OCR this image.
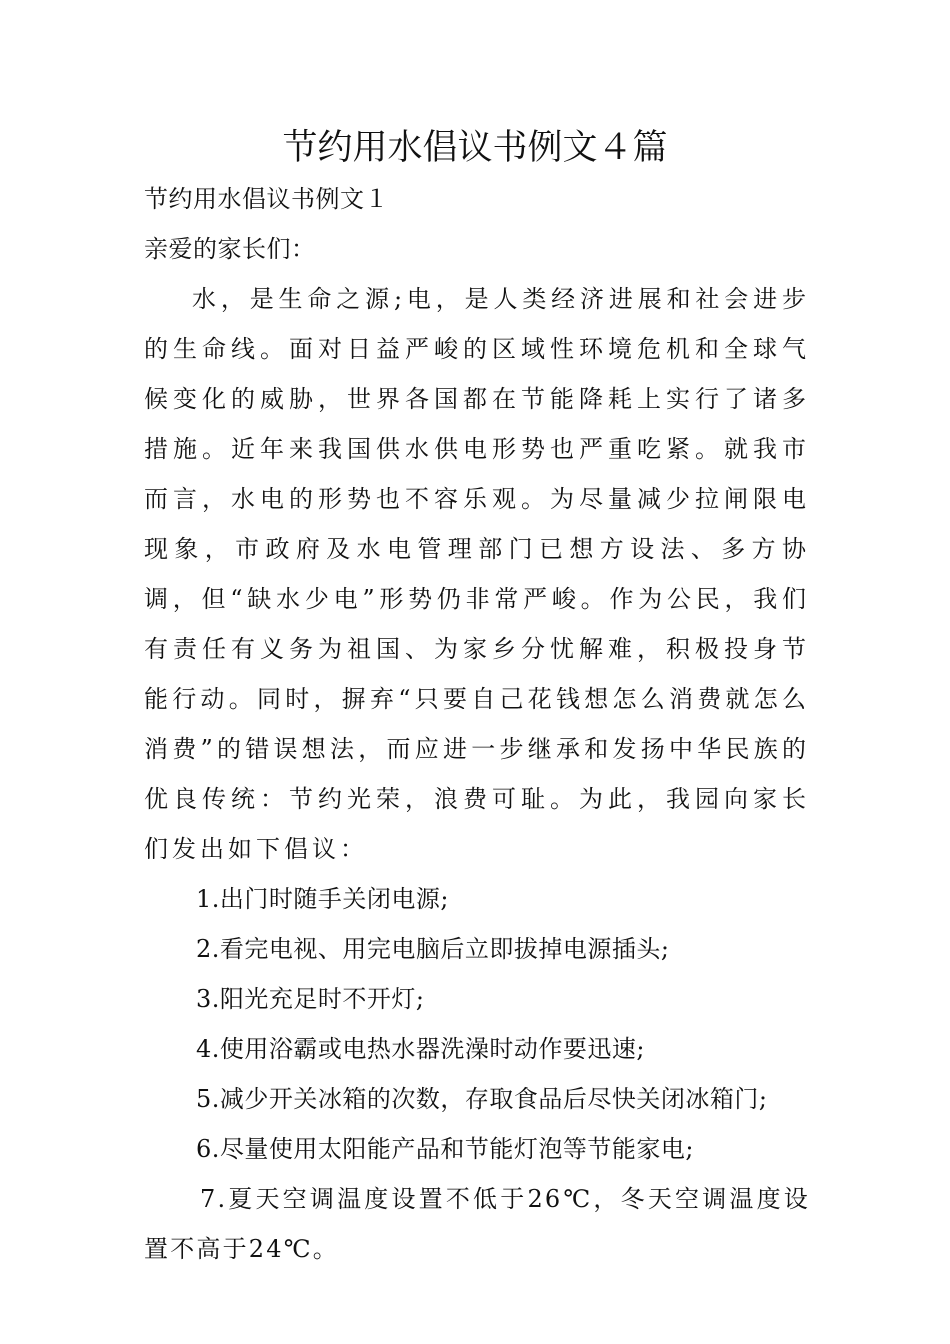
节约用水倡议书例文４篇
节约用水倡议书例文１
亲爱的家长们：

水，是生命之源;电，是人类经济进展和社会进步的生命线。面对日益严峻的区域性环境危机和全球气候变化的威胁，世界各国都在节能降耗上实行了诸多措施。近年来我国供水供电形势也严重吃紧。就我市而言，水电的形势也不容乐观。为尽量减少拉闸限电现象，市政府及水电管理部门已想方设法、多方协调，但“缺水少电”形势仍非常严峻。作为公民，我们有责任有义务为祖国、为家乡分忧解难，积极投身节能行动。同时，摒弃“只要自己花钱想怎么消费就怎么消费”的错误想法，而应进一步继承和发扬中华民族的优良传统：节约光荣，浪费可耻。为此，我园向家长们发出如下倡议：

1.出门时随手关闭电源;
2.看完电视、用完电脑后立即拔掉电源插头;
3.阳光充足时不开灯;
4.使用浴霸或电热水器洗澡时动作要迅速;
5.减少开关冰箱的次数，存取食品后尽快关闭冰箱门;
6.尽量使用太阳能产品和节能灯泡等节能家电;

7.夏天空调温度设置不低于26℃，冬天空调温度设置不高于24℃。
